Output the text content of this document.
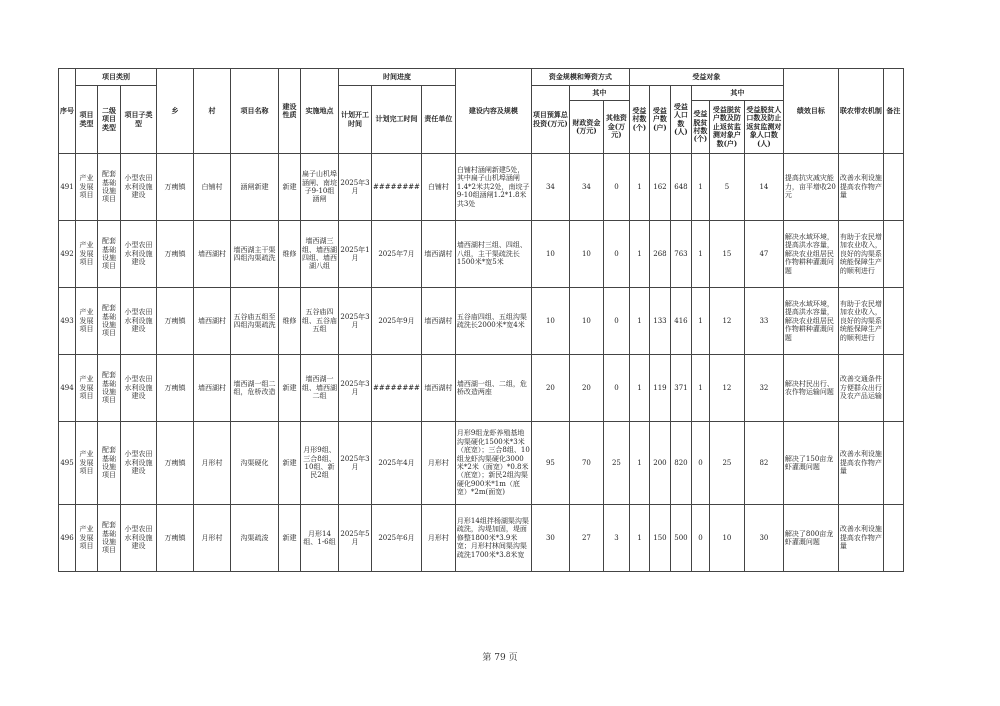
序号	项目类别			乡	村	项目名称	建设性质	实施地点	时间进度			建设内容及规模	资金规模和筹资方式			受益对象						绩效目标	联农带农机制	备注
	项目类型	二级项目类型	项目子类型						计划开工时间	计划完工时间	责任单位		项目预算总投资(万元)	其中		受益村数(个)	受益户数(户)	受益人口数(人)	其中					
														财政资金(万元)	其他资金(万元)				受益脱贫村数(个)	受益脱贫户数及防止返贫监测对象户数(户)	受益脱贫人口数及防止返贫监测对象人口数(人)			
491	产业发展项目	配套基础设施项目	小型农田水利设施建设	万痍镇	白铺村	涵闸新建	新建	扁子山机埠涵闸、南垸子9-10组涵闸	2025年3月	########	白铺村	白铺村涵闸新建5处，其中扁子山机埠涵闸1.4*2米共2处，南垸子9-10组涵闸1.2*1.8米共3处	34	34	0	1	162	648	1	5	14	提高抗灾减灾能力，亩平增收20元	改善水利设施提高农作物产量	
492	产业发展项目	配套基础设施项目	小型农田水利设施建设	万痍镇	墙西湖村	墙西湖主干渠四组沟渠疏洗	维修	墙西湖三组、墙西湖四组、墙西湖八组	2025年1月	2025年7月	墙西湖村	墙西湖村三组、四组、八组，主干渠疏洗长1500米*宽5米	10	10	0	1	268	763	1	15	47	解决水域环境，提高洪水容量，解决农业组居民作物耕种灌溉问题	有助于农民增加农业收入，良好的沟渠系统能保障生产的顺利进行	
493	产业发展项目	配套基础设施项目	小型农田水利设施建设	万痍镇	墙西湖村	五谷庙五组至四组沟渠疏洗	维修	五谷庙四组、五谷庙五组	2025年3月	2025年9月	墙西湖村	五谷庙四组、五组沟渠疏洗长2000米*宽4米	10	10	0	1	133	416	1	12	33	解决水域环境，提高洪水容量，解决农业组居民作物耕种灌溉问题	有助于农民增加农业收入，良好的沟渠系统能保障生产的顺利进行	
494	产业发展项目	配套基础设施项目	小型农田水利设施建设	万痍镇	墙西湖村	墙西湖一组二组，危桥改造	新建	墙西湖一组、墙西湖二组	2025年3月	########	墙西湖村	墙西湖一组、二组，危桥改造两座	20	20	0	1	119	371	1	12	32	解决村民出行、农作物运输问题	改善交通条件方便群众出行及农产品运输	
495	产业发展项目	配套基础设施项目	小型农田水利设施建设	万痍镇	月形村	沟渠硬化	新建	月形9组、三合8组、10组、新民2组	2025年3月	2025年4月	月形村	月形9组龙虾养殖基地沟渠硬化1500米*3米（底宽）；三合8组、10组龙虾沟渠硬化3000米*2米（面宽）*0.8米（底宽）；新民2组沟渠硬化900米*1m（底宽）*2m(面宽)	95	70	25	1	200	820	0	25	82	解决了150亩龙虾灌溉问题	改善水利设施提高农作物产量	
496	产业发展项目	配套基础设施项目	小型农田水利设施建设	万痍镇	月形村	沟渠疏浚	新建	月形14组、1-6组	2025年5月	2025年6月	月形村	月形14组拌杨湖渠沟渠疏洗，沟堤加固，堤面修整1800米*3.9米宽；月形村林间渠沟渠疏洗1700米*3.8米宽	30	27	3	1	150	500	0	10	30	解决了800亩龙虾灌溉问题	改善水利设施提高农作物产量	
第 79 页
